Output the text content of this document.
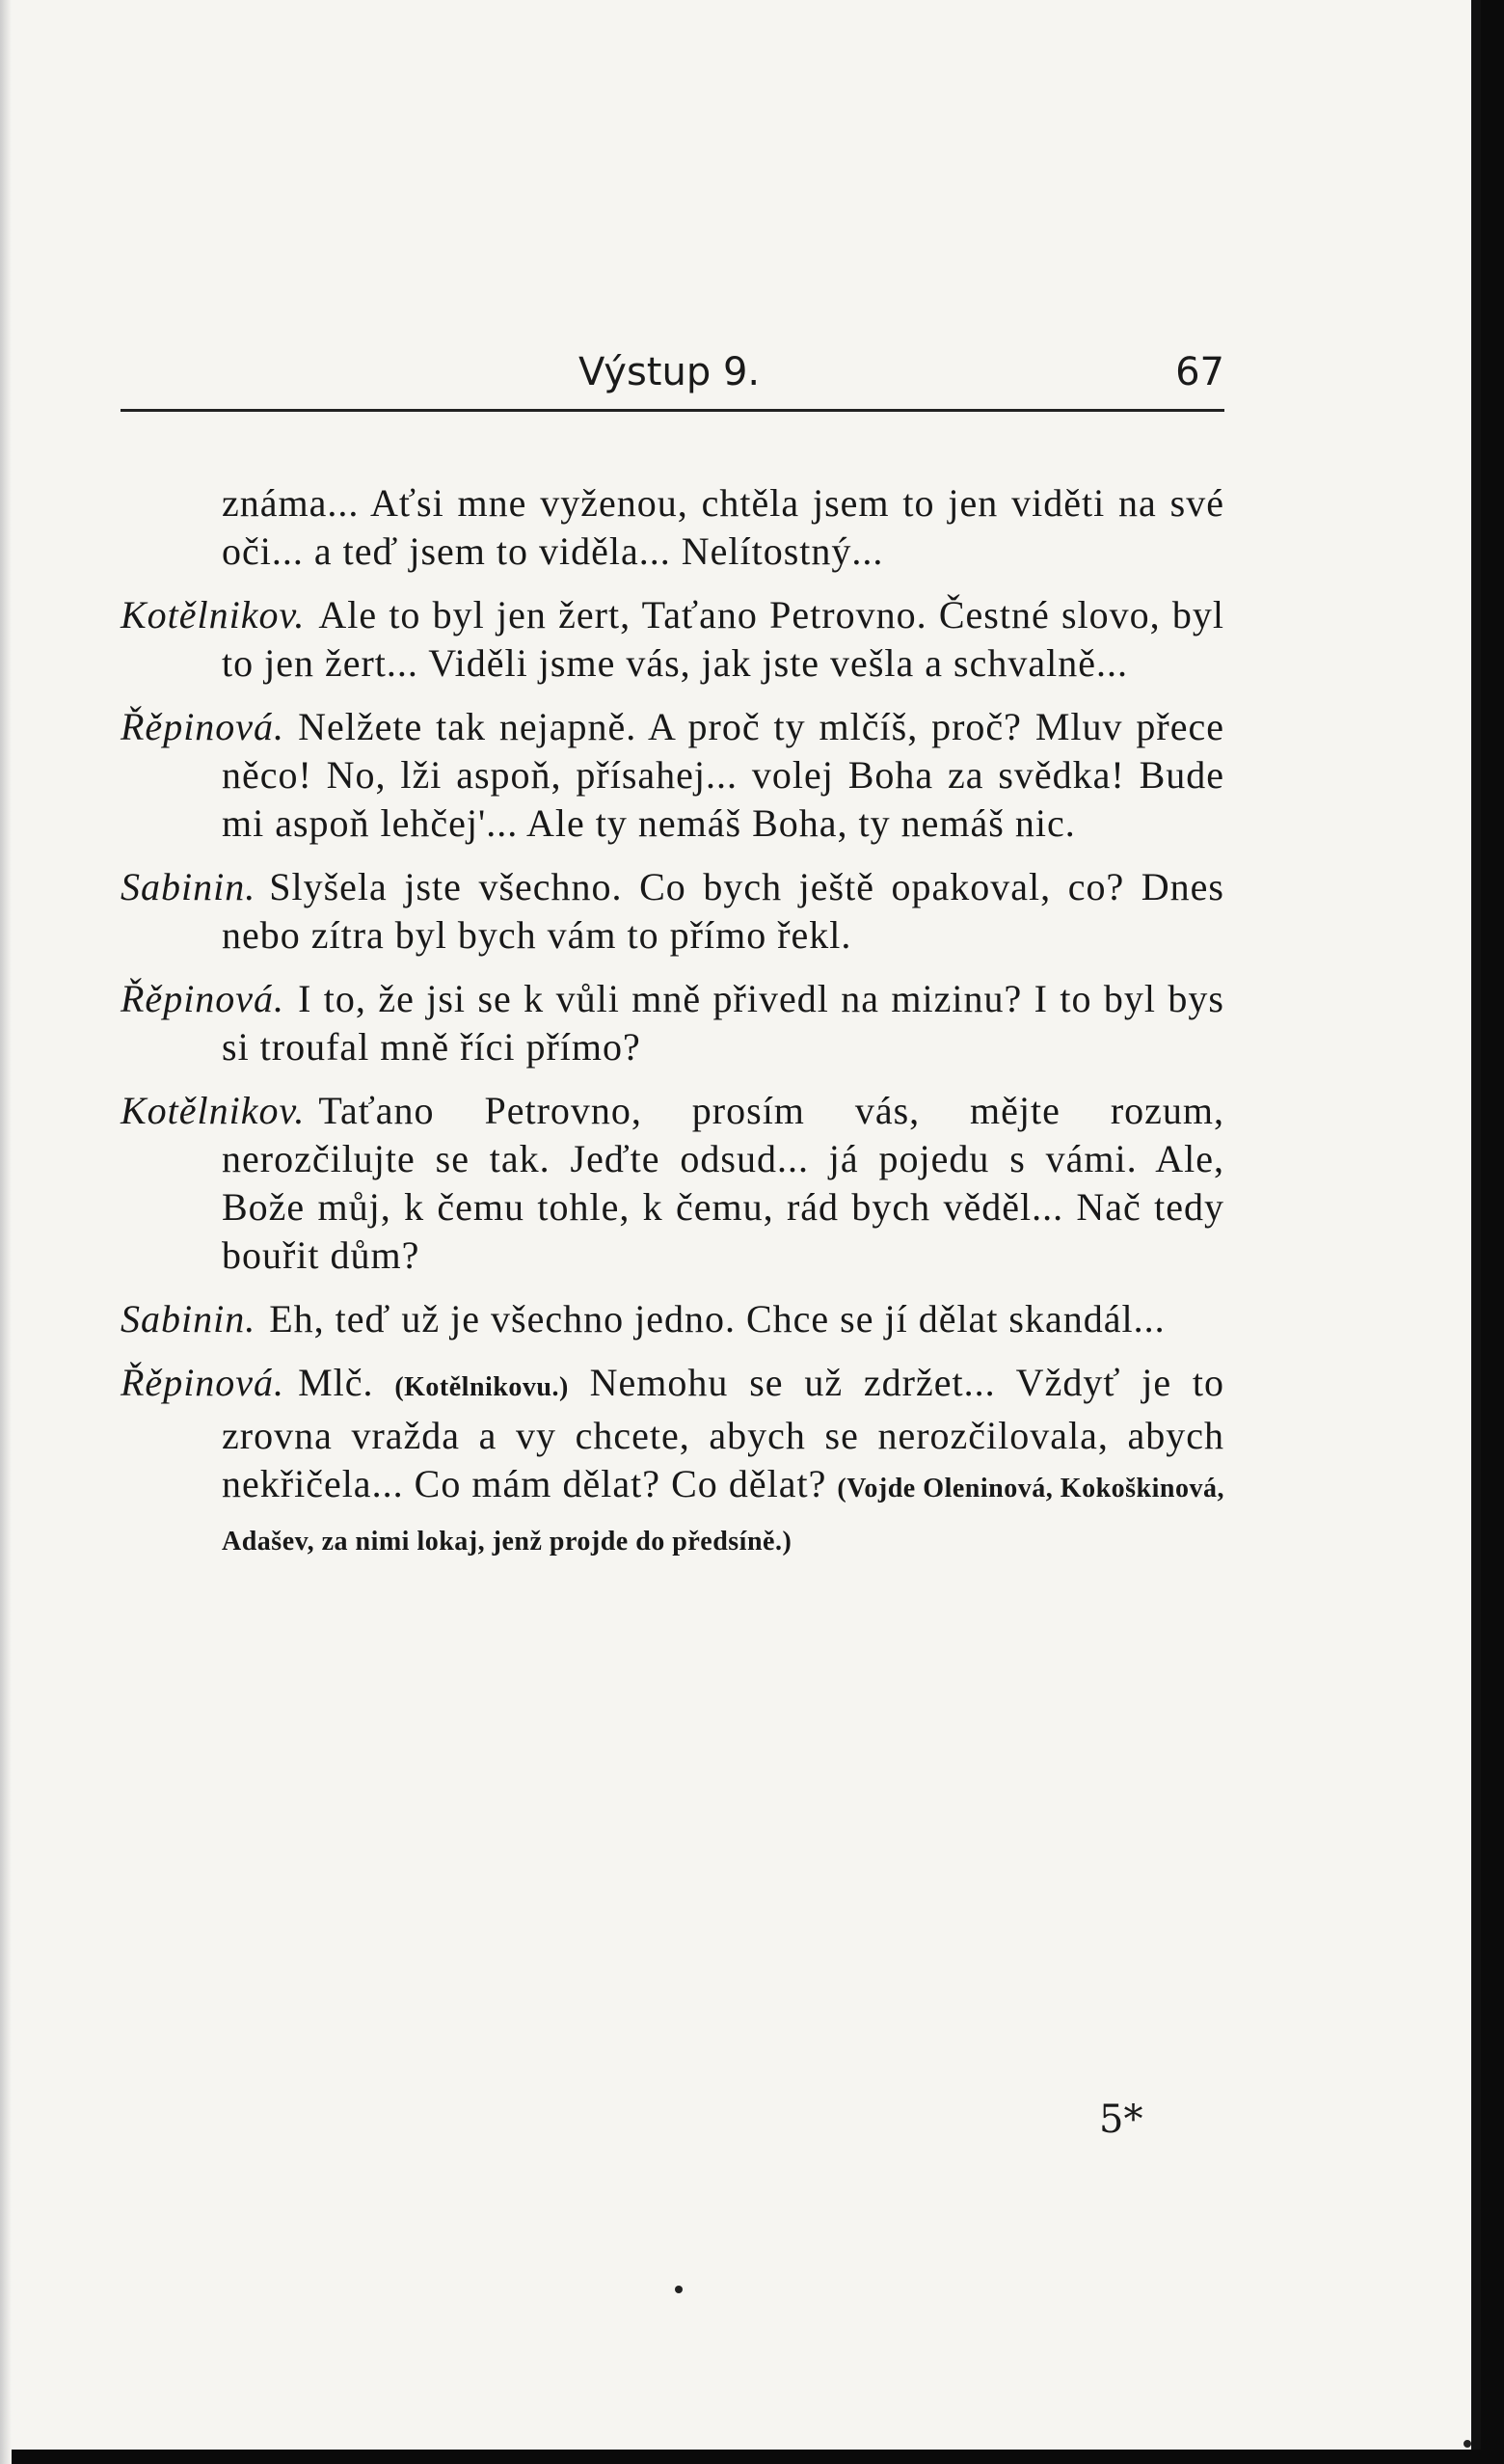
Výstup 9.	67

známa... Aťsi mne vyženou, chtěla jsem to jen viděti na své oči... a teď jsem to viděla... Nelítostný...

Kotělnikov. Ale to byl jen žert, Taťano Petrovno. Čestné slovo, byl to jen žert... Viděli jsme vás, jak jste vešla a schvalně...

Řěpinová. Nelžete tak nejapně. A proč ty mlčíš, proč? Mluv přece něco! No, lži aspoň, přísahej... volej Boha za svědka! Bude mi aspoň lehčej'... Ale ty nemáš Boha, ty nemáš nic.

Sabinin. Slyšela jste všechno. Co bych ještě opakoval, co? Dnes nebo zítra byl bych vám to přímo řekl.

Řěpinová. I to, že jsi se k vůli mně přivedl na mizinu? I to byl bys si troufal mně říci přímo?

Kotělnikov. Taťano Petrovno, prosím vás, mějte rozum, nerozčilujte se tak. Jeďte odsud... já pojedu s vámi. Ale, Bože můj, k čemu tohle, k čemu, rád bych věděl... Nač tedy bouřit dům?

Sabinin. Eh, teď už je všechno jedno. Chce se jí dělat skandál...

Řěpinová. Mlč. (Kotělnikovu.) Nemohu se už zdržet... Vždyť je to zrovna vražda a vy chcete, abych se nerozčilovala, abych nekřičela... Co mám dělat? Co dělat? (Vojde Oleninová, Kokoškinová, Adašev, za nimi lokaj, jenž projde do předsíně.)

5*
